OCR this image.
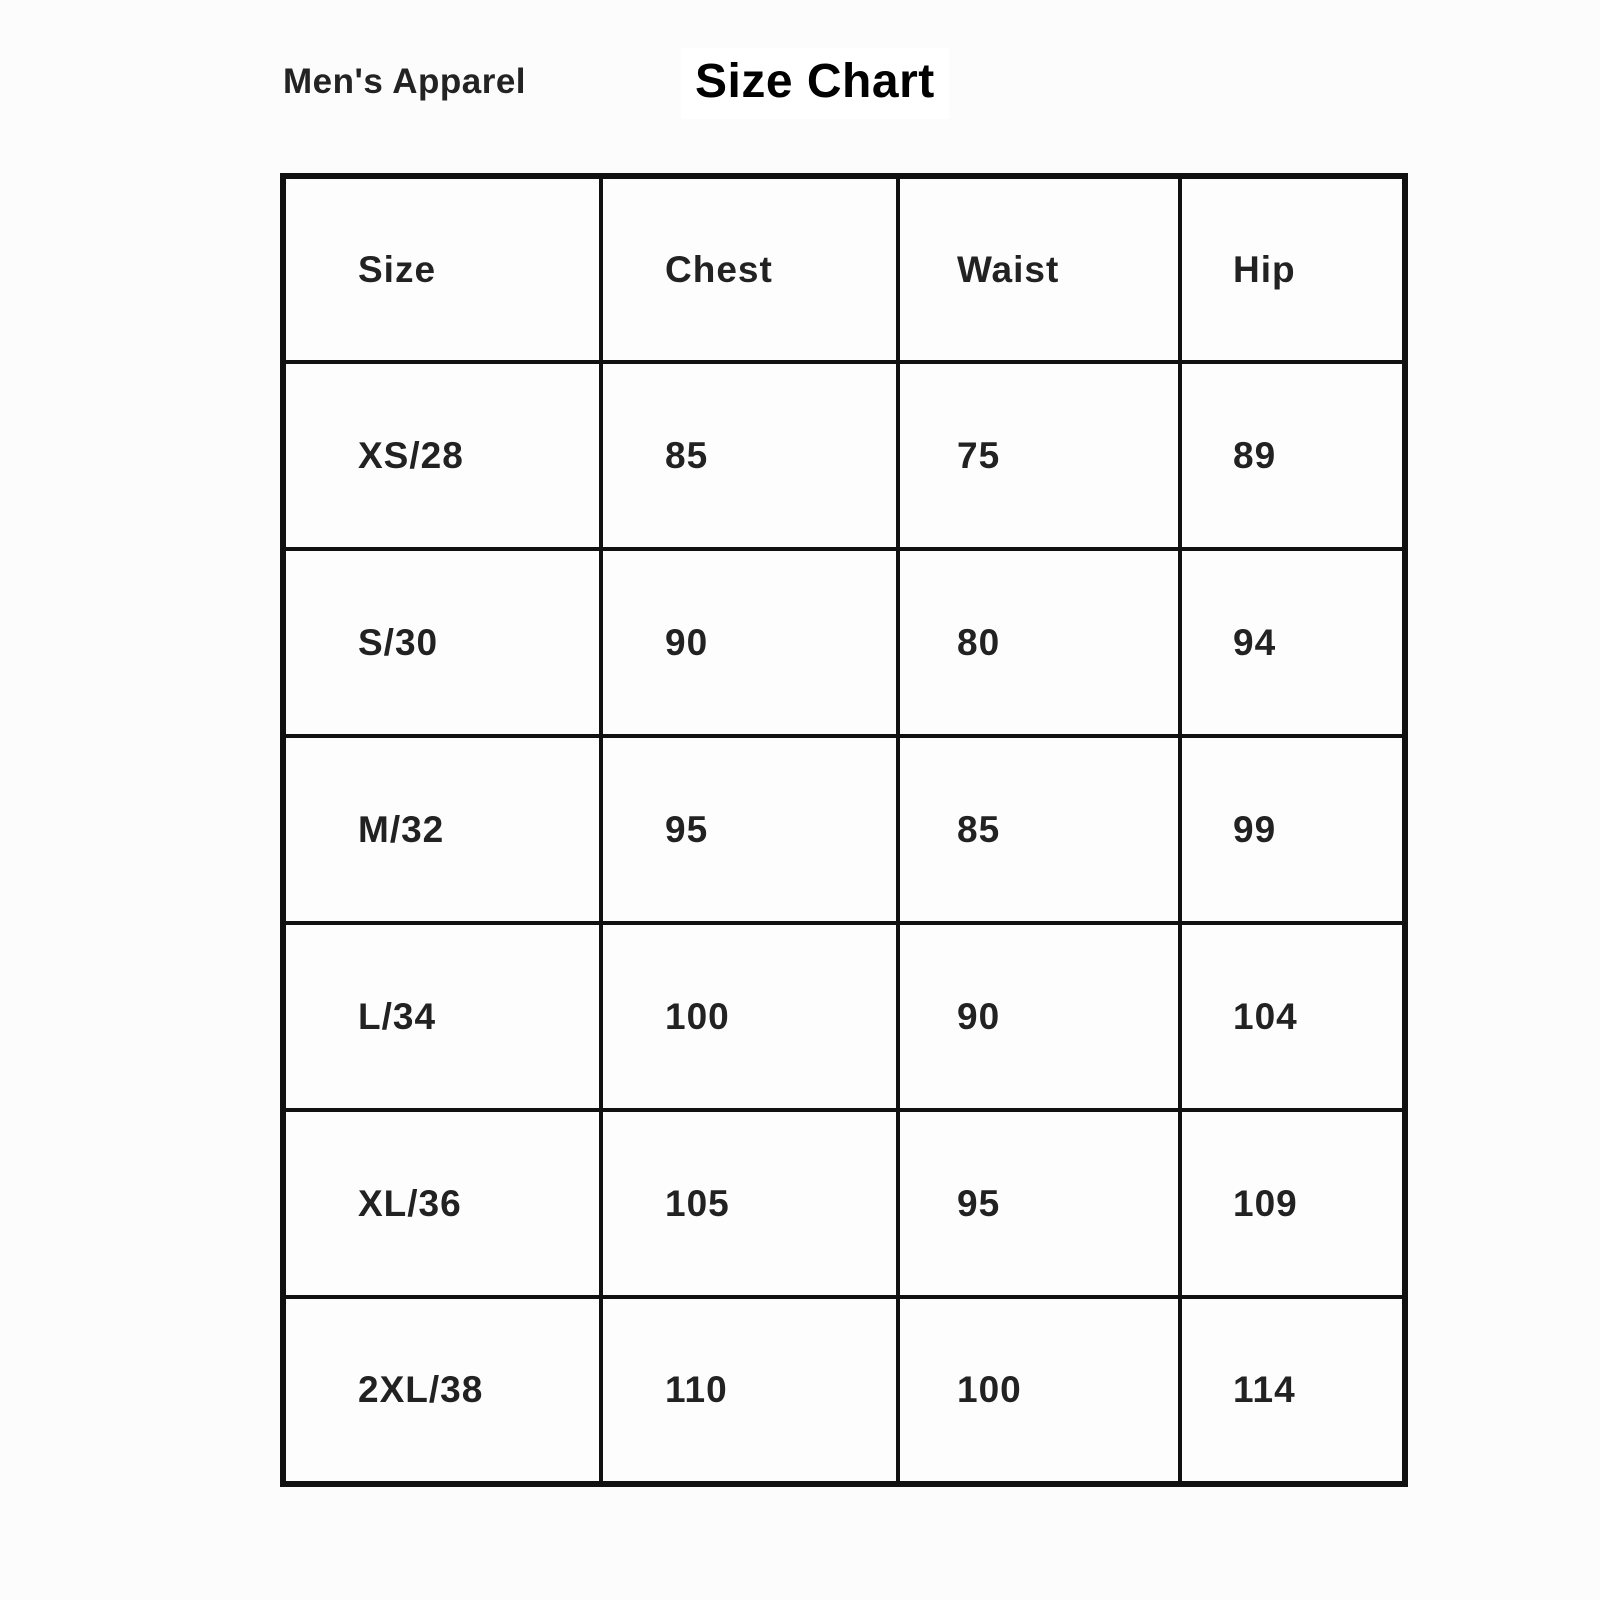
Men's Apparel	Size Chart
Size	Chest	Waist	Hip
XS/28	85	75	89
S/30	90	80	94
M/32	95	85	99
L/34	100	90	104
XL/36	105	95	109
2XL/38	110	100	114
